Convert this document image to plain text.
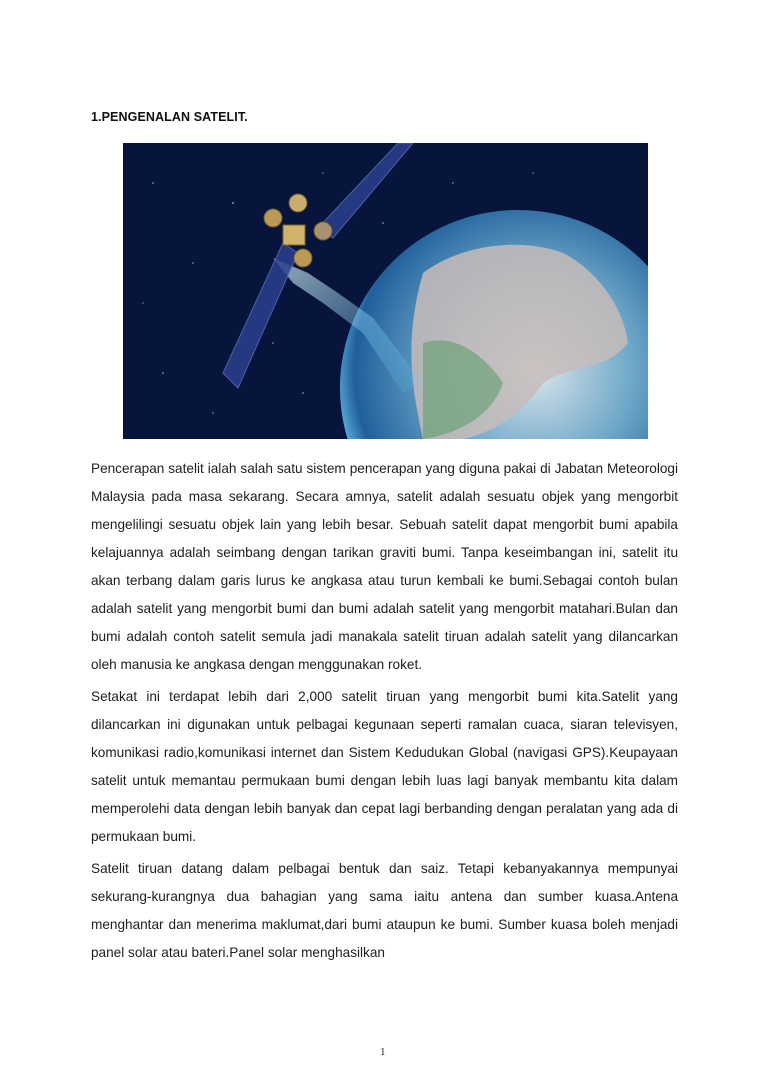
1.PENGENALAN SATELIT.

Pencerapan satelit ialah salah satu sistem pencerapan yang diguna pakai di Jabatan Meteorologi Malaysia pada masa sekarang. Secara amnya, satelit adalah sesuatu objek yang mengorbit mengelilingi sesuatu objek lain yang lebih besar. Sebuah satelit dapat mengorbit bumi apabila kelajuannya adalah seimbang dengan tarikan graviti bumi. Tanpa keseimbangan ini, satelit itu akan terbang dalam garis lurus ke angkasa atau turun kembali ke bumi.Sebagai contoh bulan adalah satelit yang mengorbit bumi dan bumi adalah satelit yang mengorbit matahari.Bulan dan bumi adalah contoh satelit semula jadi manakala satelit tiruan adalah satelit yang dilancarkan oleh manusia ke angkasa dengan menggunakan roket.

Setakat ini terdapat lebih dari 2,000 satelit tiruan yang mengorbit bumi kita.Satelit yang dilancarkan ini digunakan untuk pelbagai kegunaan seperti ramalan cuaca, siaran televisyen, komunikasi radio,komunikasi internet dan Sistem Kedudukan Global (navigasi GPS).Keupayaan satelit untuk memantau permukaan bumi dengan lebih luas lagi banyak membantu kita dalam memperolehi data dengan lebih banyak dan cepat lagi berbanding dengan peralatan yang ada di permukaan bumi.

Satelit tiruan datang dalam pelbagai bentuk dan saiz. Tetapi kebanyakannya mempunyai sekurang-kurangnya dua bahagian yang sama iaitu antena dan sumber kuasa.Antena menghantar dan menerima maklumat,dari bumi ataupun ke bumi. Sumber kuasa boleh menjadi panel solar atau bateri.Panel solar menghasilkan

1
